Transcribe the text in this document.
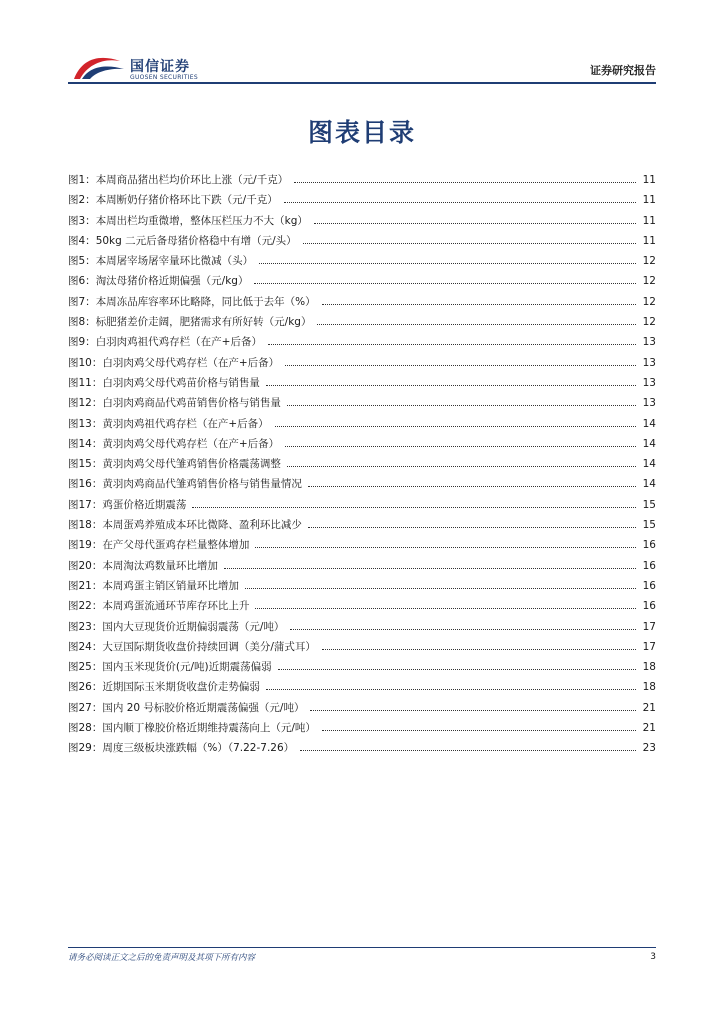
国信证券
GUOSEN SECURITIES
证券研究报告
图表目录
图1： 本周商品猪出栏均价环比上涨（元/千克）	11
图2： 本周断奶仔猪价格环比下跌（元/千克）	11
图3： 本周出栏均重微增，整体压栏压力不大（kg）	11
图4： 50kg 二元后备母猪价格稳中有增（元/头）	11
图5： 本周屠宰场屠宰量环比微减（头）	12
图6： 淘汰母猪价格近期偏强（元/kg）	12
图7： 本周冻品库容率环比略降，同比低于去年（%）	12
图8： 标肥猪差价走阔，肥猪需求有所好转（元/kg）	12
图9： 白羽肉鸡祖代鸡存栏（在产+后备）	13
图10： 白羽肉鸡父母代鸡存栏（在产+后备）	13
图11： 白羽肉鸡父母代鸡苗价格与销售量	13
图12： 白羽肉鸡商品代鸡苗销售价格与销售量	13
图13： 黄羽肉鸡祖代鸡存栏（在产+后备）	14
图14： 黄羽肉鸡父母代鸡存栏（在产+后备）	14
图15： 黄羽肉鸡父母代雏鸡销售价格震荡调整	14
图16： 黄羽肉鸡商品代雏鸡销售价格与销售量情况	14
图17： 鸡蛋价格近期震荡	15
图18： 本周蛋鸡养殖成本环比微降、盈利环比减少	15
图19： 在产父母代蛋鸡存栏量整体增加	16
图20： 本周淘汰鸡数量环比增加	16
图21： 本周鸡蛋主销区销量环比增加	16
图22： 本周鸡蛋流通环节库存环比上升	16
图23： 国内大豆现货价近期偏弱震荡（元/吨）	17
图24： 大豆国际期货收盘价持续回调（美分/蒲式耳）	17
图25： 国内玉米现货价(元/吨)近期震荡偏弱	18
图26： 近期国际玉米期货收盘价走势偏弱	18
图27： 国内 20 号标胶价格近期震荡偏强（元/吨）	21
图28： 国内顺丁橡胶价格近期维持震荡向上（元/吨）	21
图29： 周度三级板块涨跌幅（%）（7.22-7.26）	23
请务必阅读正文之后的免责声明及其项下所有内容	3
